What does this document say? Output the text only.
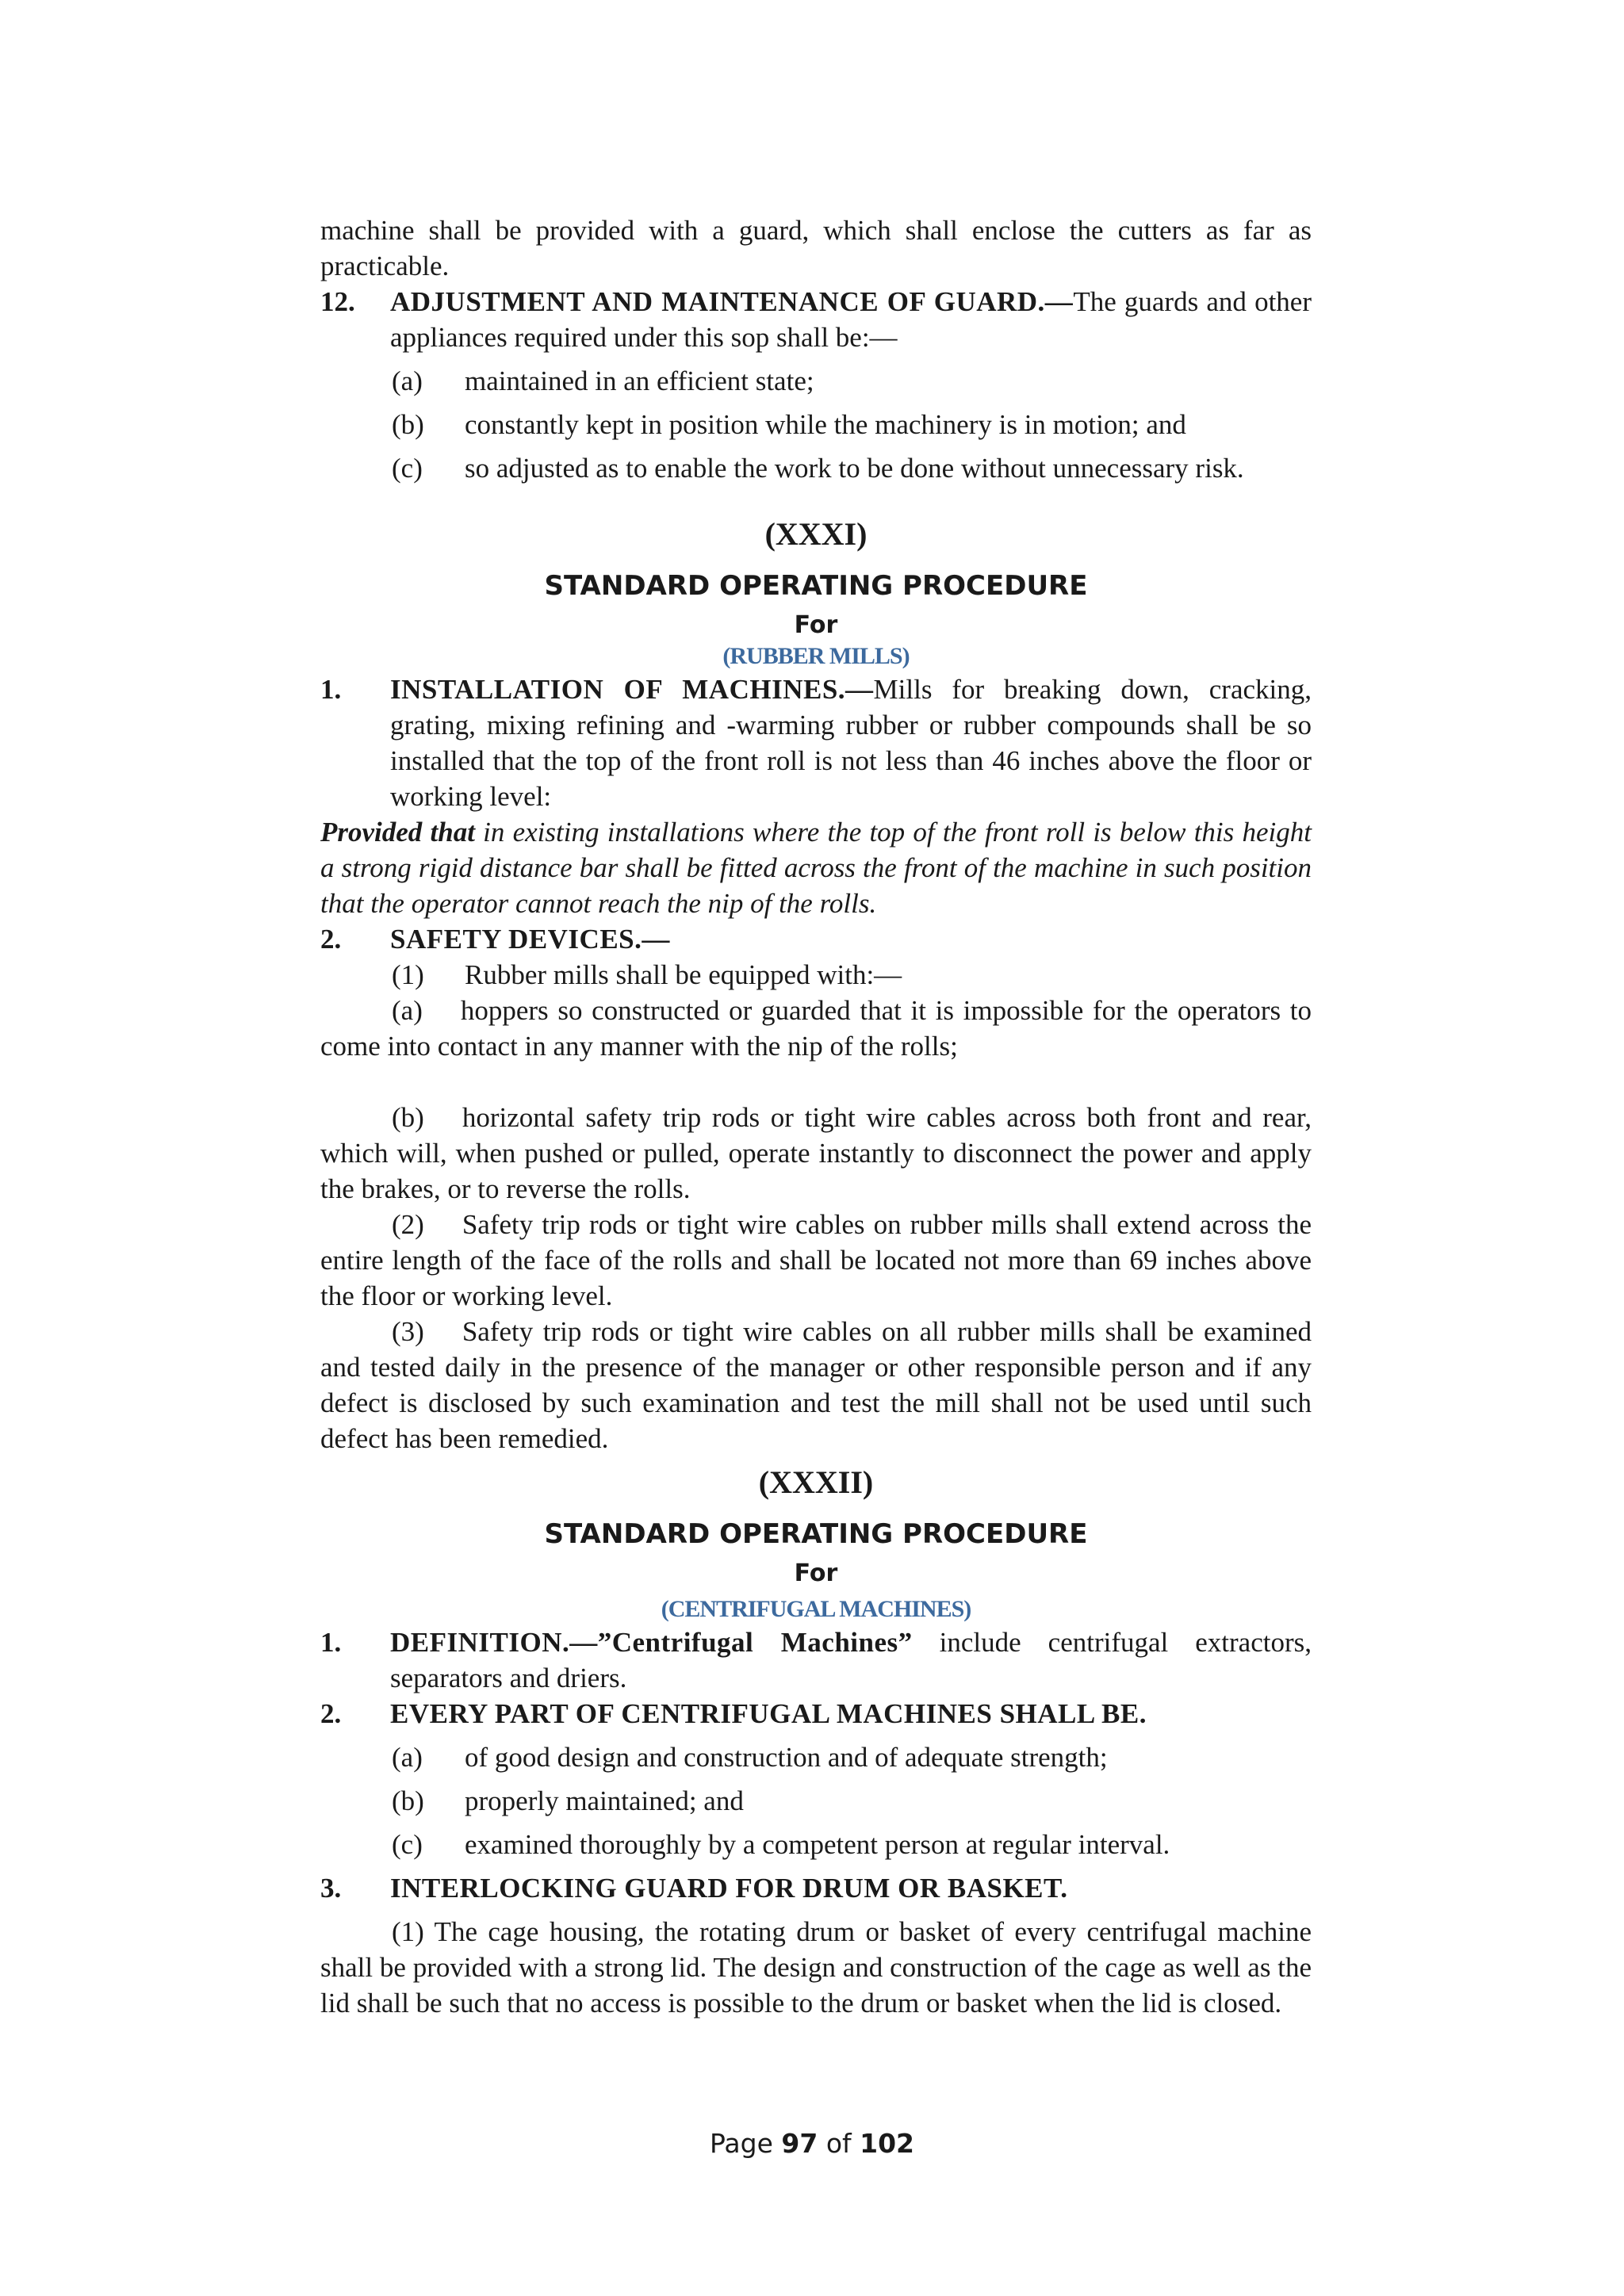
machine shall be provided with a guard, which shall enclose the cutters as far as practicable.

12.	ADJUSTMENT AND MAINTENANCE OF GUARD.—The guards and other appliances required under this sop shall be:—
(a)	maintained in an efficient state;
(b)	constantly kept in position while the machinery is in motion; and
(c)	so adjusted as to enable the work to be done without unnecessary risk.

(XXXI)

STANDARD OPERATING PROCEDURE

For

(RUBBER MILLS)

1.	INSTALLATION OF MACHINES.—Mills for breaking down, cracking, grating, mixing refining and -warming rubber or rubber compounds shall be so installed that the top of the front roll is not less than 46 inches above the floor or working level:

Provided that in existing installations where the top of the front roll is below this height a strong rigid distance bar shall be fitted across the front of the machine in such position that the operator cannot reach the nip of the rolls.

2.	SAFETY DEVICES.—
(1)	Rubber mills shall be equipped with:—

(a) hoppers so constructed or guarded that it is impossible for the operators to come into contact in any manner with the nip of the rolls;

(b) horizontal safety trip rods or tight wire cables across both front and rear, which will, when pushed or pulled, operate instantly to disconnect the power and apply the brakes, or to reverse the rolls.

(2) Safety trip rods or tight wire cables on rubber mills shall extend across the entire length of the face of the rolls and shall be located not more than 69 inches above the floor or working level.

(3) Safety trip rods or tight wire cables on all rubber mills shall be examined and tested daily in the presence of the manager or other responsible person and if any defect is disclosed by such examination and test the mill shall not be used until such defect has been remedied.

(XXXII)

STANDARD OPERATING PROCEDURE

For

(CENTRIFUGAL MACHINES)

1.	DEFINITION.—”Centrifugal Machines” include centrifugal extractors, separators and driers.
2.	EVERY PART OF CENTRIFUGAL MACHINES SHALL BE.
(a)	of good design and construction and of adequate strength;
(b)	properly maintained; and
(c)	examined thoroughly by a competent person at regular interval.
3.	INTERLOCKING GUARD FOR DRUM OR BASKET.

(1) The cage housing, the rotating drum or basket of every centrifugal machine shall be provided with a strong lid. The design and construction of the cage as well as the lid shall be such that no access is possible to the drum or basket when the lid is closed.

Page 97 of 102
